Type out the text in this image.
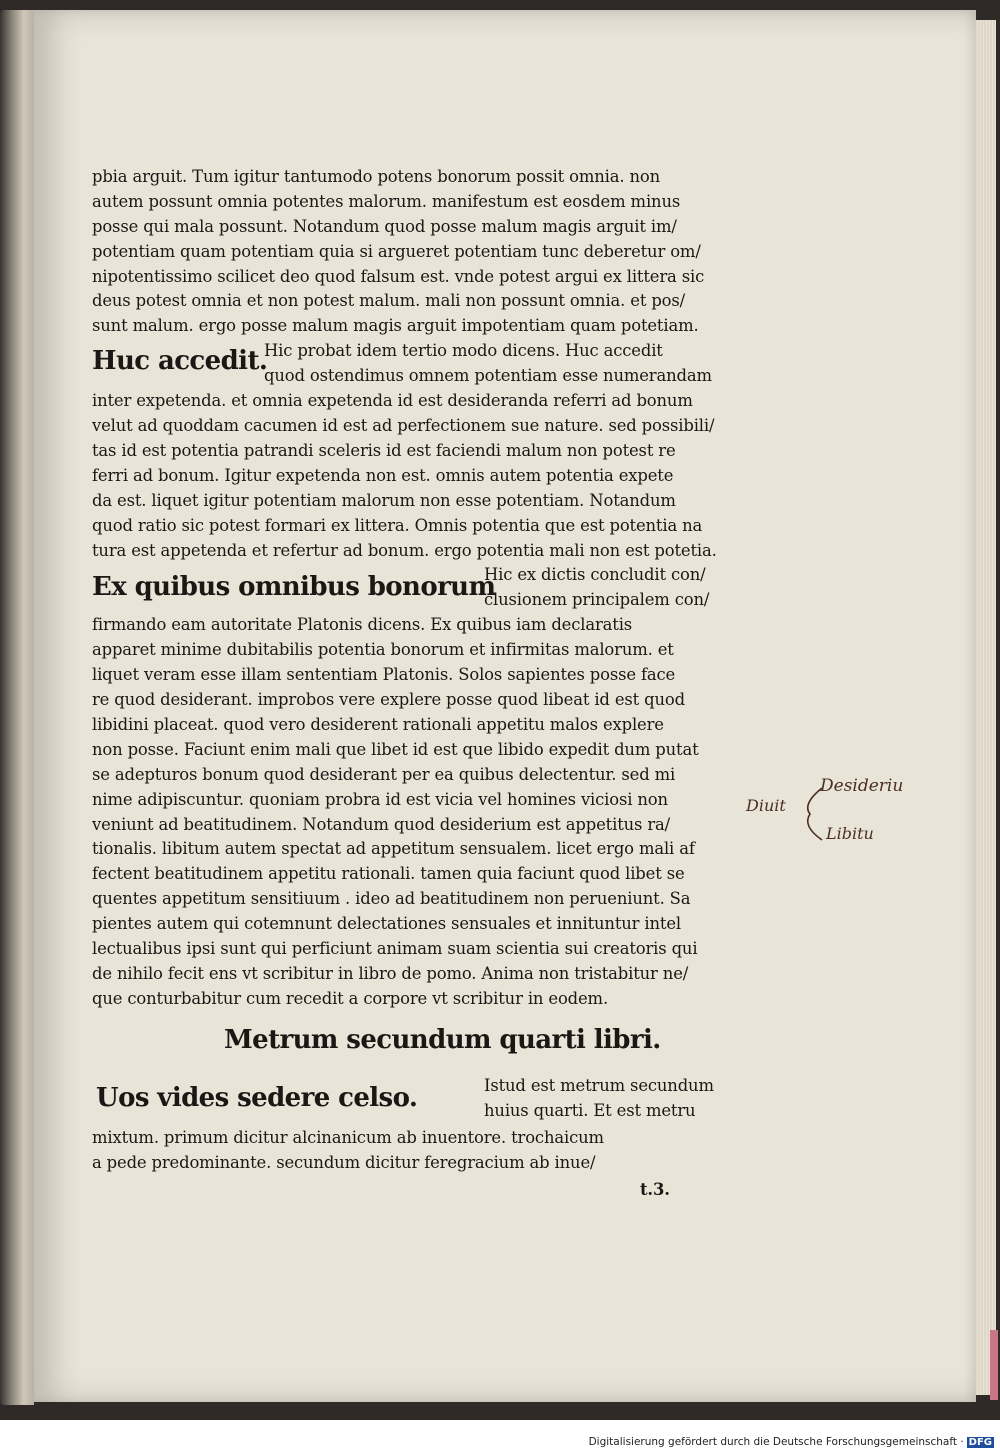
pbia arguit. Tum igitur tantumodo potens bonorum possit omnia. non
autem possunt omnia potentes malorum. manifestum est eosdem minus
posse qui mala possunt. Notandum quod posse malum magis arguit im/
potentiam quam potentiam quia si argueret potentiam tunc deberetur om/
nipotentissimo scilicet deo quod falsum est. vnde potest argui ex littera sic
deus potest omnia et non potest malum. mali non possunt omnia. et pos/
sunt malum. ergo posse malum magis arguit impotentiam quam potetiam.
Huc accedit.
Hic probat idem tertio modo dicens. Huc accedit
quod ostendimus omnem potentiam esse numerandam
inter expetenda. et omnia expetenda id est desideranda referri ad bonum
velut ad quoddam cacumen id est ad perfectionem sue nature. sed possibili/
tas id est potentia patrandi sceleris id est faciendi malum non potest re
ferri ad bonum. Igitur expetenda non est. omnis autem potentia expete
da est. liquet igitur potentiam malorum non esse potentiam. Notandum
quod ratio sic potest formari ex littera. Omnis potentia que est potentia na
tura est appetenda et refertur ad bonum. ergo potentia mali non est potetia.
Ex quibus omnibus bonorum
Hic ex dictis concludit con/
clusionem principalem con/
firmando eam autoritate Platonis dicens. Ex quibus iam declaratis
apparet minime dubitabilis potentia bonorum et infirmitas malorum. et
liquet veram esse illam sententiam Platonis. Solos sapientes posse face
re quod desiderant. improbos vere explere posse quod libeat id est quod
libidini placeat. quod vero desiderent rationali appetitu malos explere
non posse. Faciunt enim mali que libet id est que libido expedit dum putat
se adepturos bonum quod desiderant per ea quibus delectentur. sed mi
nime adipiscuntur. quoniam probra id est vicia vel homines viciosi non
veniunt ad beatitudinem. Notandum quod desiderium est appetitus ra/
tionalis. libitum autem spectat ad appetitum sensualem. licet ergo mali af
fectent beatitudinem appetitu rationali. tamen quia faciunt quod libet se
quentes appetitum sensitiuum . ideo ad beatitudinem non perueniunt. Sa
pientes autem qui cotemnunt delectationes sensuales et innituntur intel
lectualibus ipsi sunt qui perficiunt animam suam scientia sui creatoris qui
de nihilo fecit ens vt scribitur in libro de pomo. Anima non tristabitur ne/
que conturbabitur cum recedit a corpore vt scribitur in eodem.
Metrum secundum quarti libri.
Uos vides sedere celso.	Istud est metrum secundum
huius quarti. Et est metru
mixtum. primum dicitur alcinanicum ab inuentore. trochaicum
a pede predominante. secundum dicitur feregracium ab inue/
t.3.
Diuit
Desideriu
Libitu
Digitalisierung gefördert durch die Deutsche Forschungsgemeinschaft · DFG
